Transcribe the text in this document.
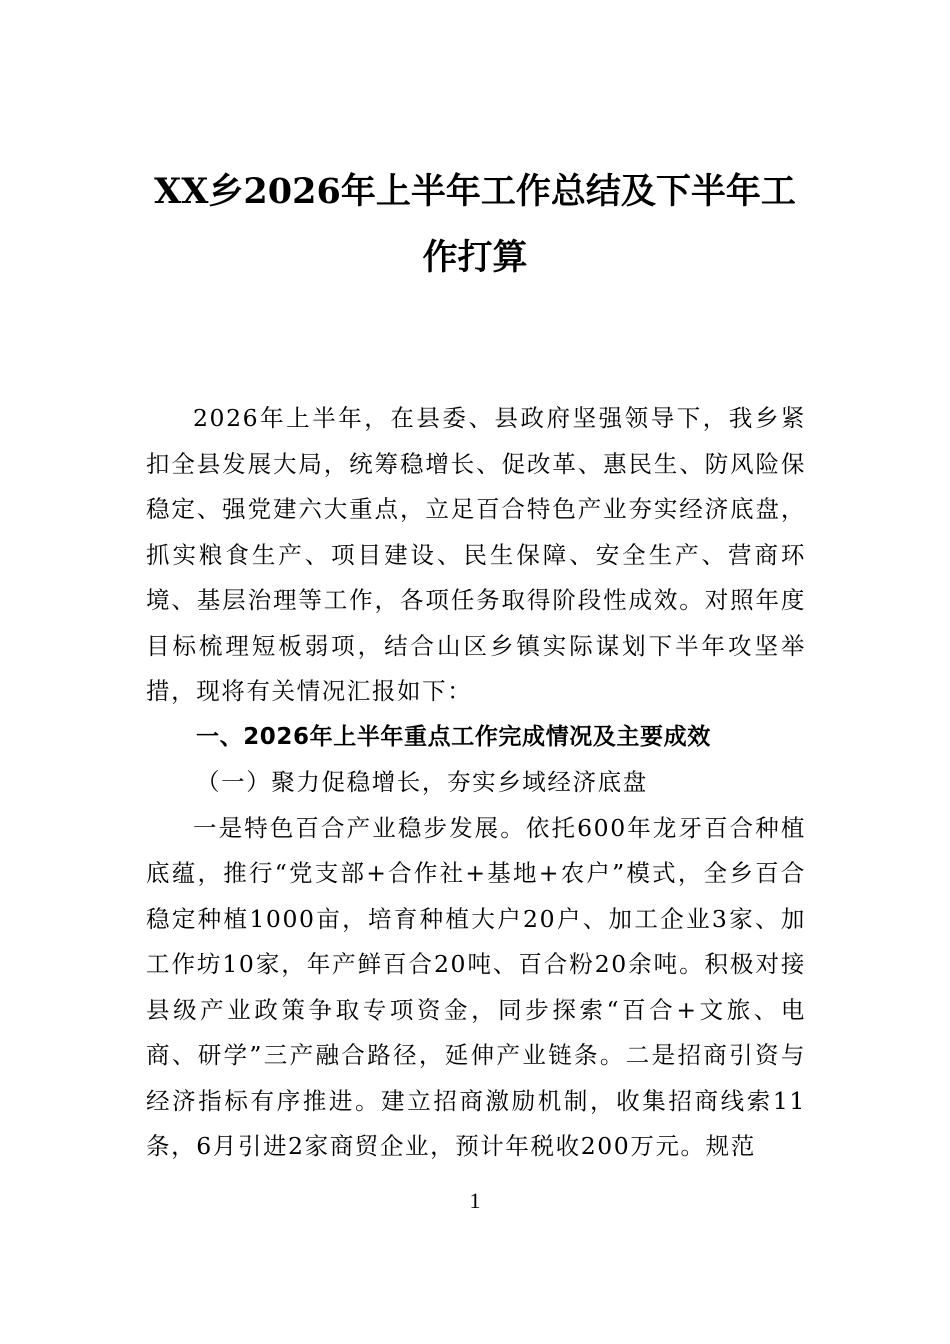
XX乡2026年上半年工作总结及下半年工
作打算

2026年上半年，在县委、县政府坚强领导下，我乡紧扣全县发展大局，统筹稳增长、促改革、惠民生、防风险保稳定、强党建六大重点，立足百合特色产业夯实经济底盘，抓实粮食生产、项目建设、民生保障、安全生产、营商环境、基层治理等工作，各项任务取得阶段性成效。对照年度目标梳理短板弱项，结合山区乡镇实际谋划下半年攻坚举措，现将有关情况汇报如下：

一、2026年上半年重点工作完成情况及主要成效

（一）聚力促稳增长，夯实乡域经济底盘

一是特色百合产业稳步发展。依托600年龙牙百合种植底蕴，推行“党支部+合作社+基地+农户”模式，全乡百合稳定种植1000亩，培育种植大户20户、加工企业3家、加工作坊10家，年产鲜百合20吨、百合粉20余吨。积极对接县级产业政策争取专项资金，同步探索“百合+文旅、电商、研学”三产融合路径，延伸产业链条。二是招商引资与经济指标有序推进。建立招商激励机制，收集招商线索11条，6月引进2家商贸企业，预计年税收200万元。规范

1
